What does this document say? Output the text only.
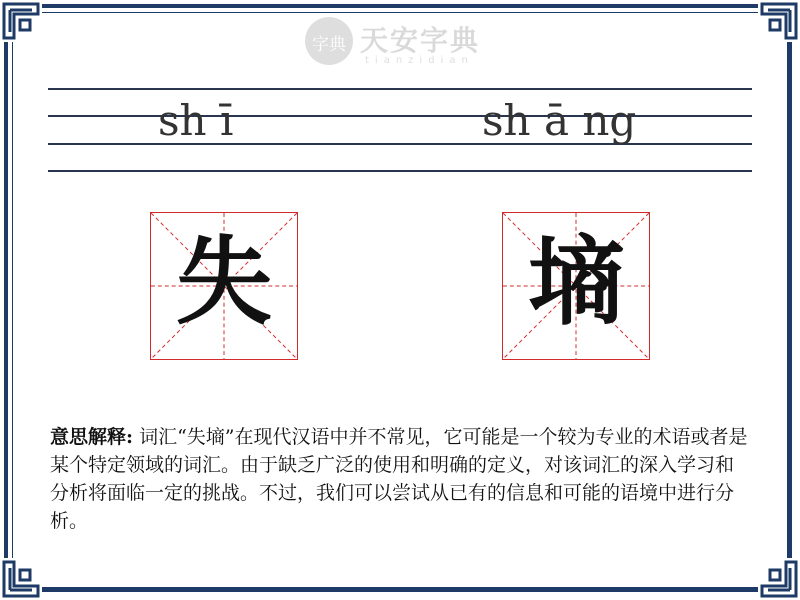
字典 天安字典
tianzidian
sh ī	sh ā ng
失	墒
意思解释: 词汇“失墒”在现代汉语中并不常见，它可能是一个较为专业的术语或者是某个特定领域的词汇。由于缺乏广泛的使用和明确的定义，对该词汇的深入学习和分析将面临一定的挑战。不过，我们可以尝试从已有的信息和可能的语境中进行分析。
